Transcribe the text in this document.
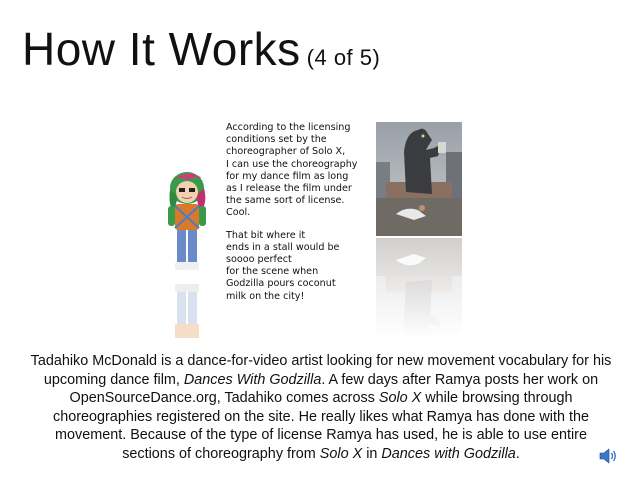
How It Works (4 of 5)

According to the licensing
conditions set by the
choreographer of Solo X,
I can use the choreography
for my dance film as long
as I release the film under
the same sort of license.
Cool.

That bit where it
ends in a stall would be
soooo perfect
for the scene when
Godzilla pours coconut
milk on the city!

Tadahiko McDonald is a dance-for-video artist looking for new movement vocabulary for his upcoming dance film, Dances With Godzilla. A few days after Ramya posts her work on OpenSourceDance.org, Tadahiko comes across Solo X while browsing through choreographies registered on the site. He really likes what Ramya has done with the movement. Because of the type of license Ramya has used, he is able to use entire sections of choreography from Solo X in Dances with Godzilla.
